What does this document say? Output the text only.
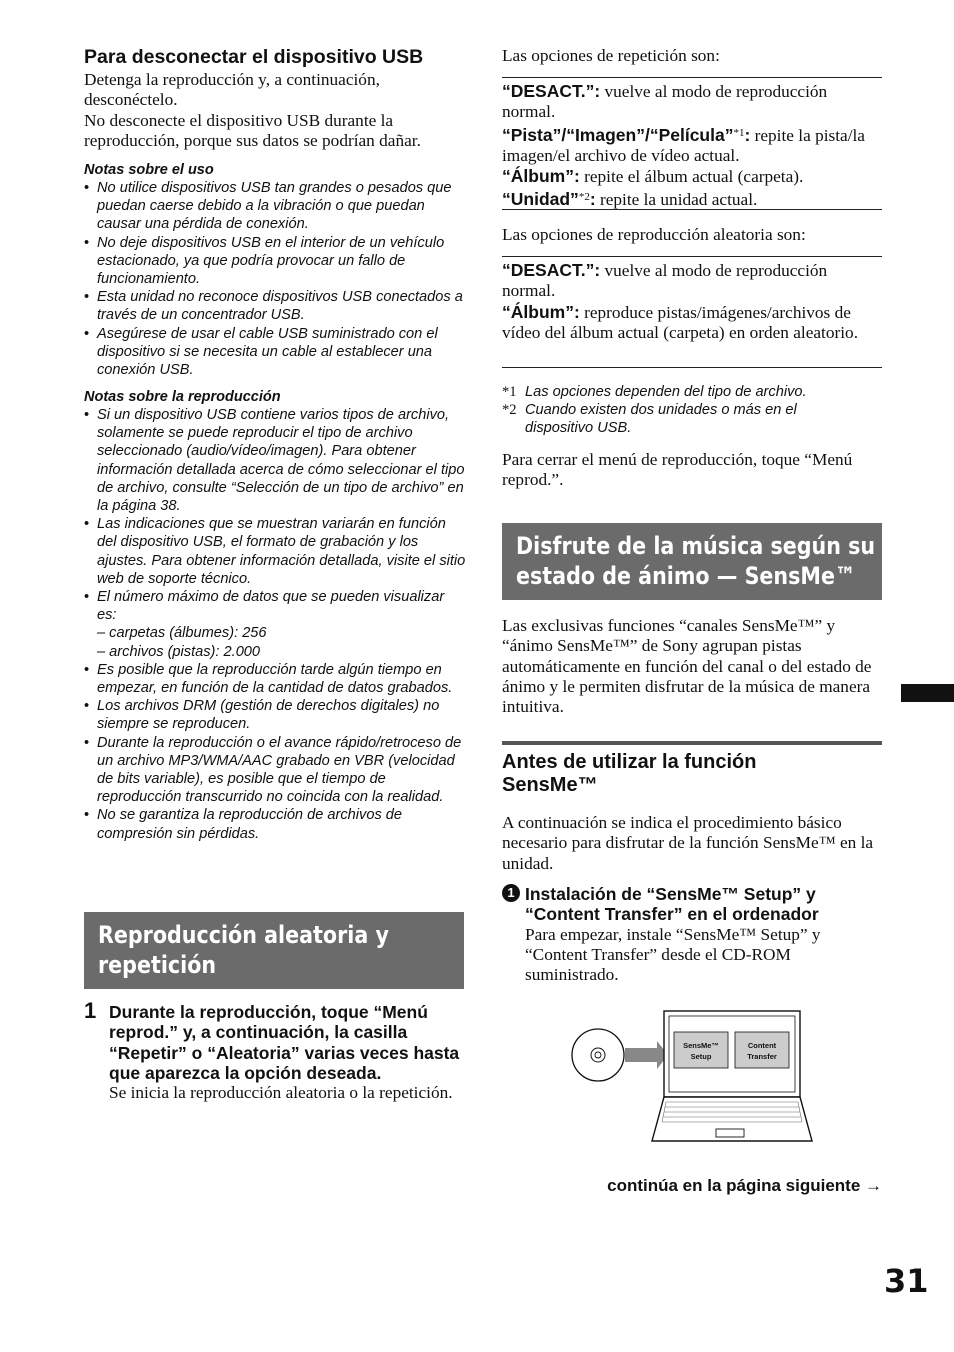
Para desconectar el dispositivo USB
Detenga la reproducción y, a continuación, desconéctelo.
No desconecte el dispositivo USB durante la reproducción, porque sus datos se podrían dañar.
Notas sobre el uso
• No utilice dispositivos USB tan grandes o pesados que puedan caerse debido a la vibración o que puedan causar una pérdida de conexión.
• No deje dispositivos USB en el interior de un vehículo estacionado, ya que podría provocar un fallo de funcionamiento.
• Esta unidad no reconoce dispositivos USB conectados a través de un concentrador USB.
• Asegúrese de usar el cable USB suministrado con el dispositivo si se necesita un cable al establecer una conexión USB.
Notas sobre la reproducción
• Si un dispositivo USB contiene varios tipos de archivo, solamente se puede reproducir el tipo de archivo seleccionado (audio/vídeo/imagen). Para obtener información detallada acerca de cómo seleccionar el tipo de archivo, consulte “Selección de un tipo de archivo” en la página 38.
• Las indicaciones que se muestran variarán en función del dispositivo USB, el formato de grabación y los ajustes. Para obtener información detallada, visite el sitio web de soporte técnico.
• El número máximo de datos que se pueden visualizar es:
– carpetas (álbumes): 256
– archivos (pistas): 2.000
• Es posible que la reproducción tarde algún tiempo en empezar, en función de la cantidad de datos grabados.
• Los archivos DRM (gestión de derechos digitales) no siempre se reproducen.
• Durante la reproducción o el avance rápido/retroceso de un archivo MP3/WMA/AAC grabado en VBR (velocidad de bits variable), es posible que el tiempo de reproducción transcurrido no coincida con la realidad.
• No se garantiza la reproducción de archivos de compresión sin pérdidas.
Reproducción aleatoria y
repetición
1 Durante la reproducción, toque “Menú reprod.” y, a continuación, la casilla “Repetir” o “Aleatoria” varias veces hasta que aparezca la opción deseada.
Se inicia la reproducción aleatoria o la repetición.
Las opciones de repetición son:
“DESACT.”: vuelve al modo de reproducción normal.
“Pista”/“Imagen”/“Película”$^{*1}$: repite la pista/la imagen/el archivo de vídeo actual.
“Álbum”: repite el álbum actual (carpeta).
“Unidad”$^{*2}$: repite la unidad actual.
Las opciones de reproducción aleatoria son:
“DESACT.”: vuelve al modo de reproducción normal.
“Álbum”: reproduce pistas/imágenes/archivos de vídeo del álbum actual (carpeta) en orden aleatorio.
*1 Las opciones dependen del tipo de archivo.
*2 Cuando existen dos unidades o más en el dispositivo USB.
Para cerrar el menú de reproducción, toque “Menú reprod.”.
Disfrute de la música según su
estado de ánimo — SensMe™
Las exclusivas funciones “canales SensMe™” y “ánimo SensMe™” de Sony agrupan pistas automáticamente en función del canal o del estado de ánimo y le permiten disfrutar de la música de manera intuitiva.
Antes de utilizar la función SensMe™
A continuación se indica el procedimiento básico necesario para disfrutar de la función SensMe™ en la unidad.
1 Instalación de “SensMe™ Setup” y “Content Transfer” en el ordenador
Para empezar, instale “SensMe™ Setup” y “Content Transfer” desde el CD-ROM suministrado.
SensMe™
Setup
Content
Transfer
continúa en la página siguiente →
31
